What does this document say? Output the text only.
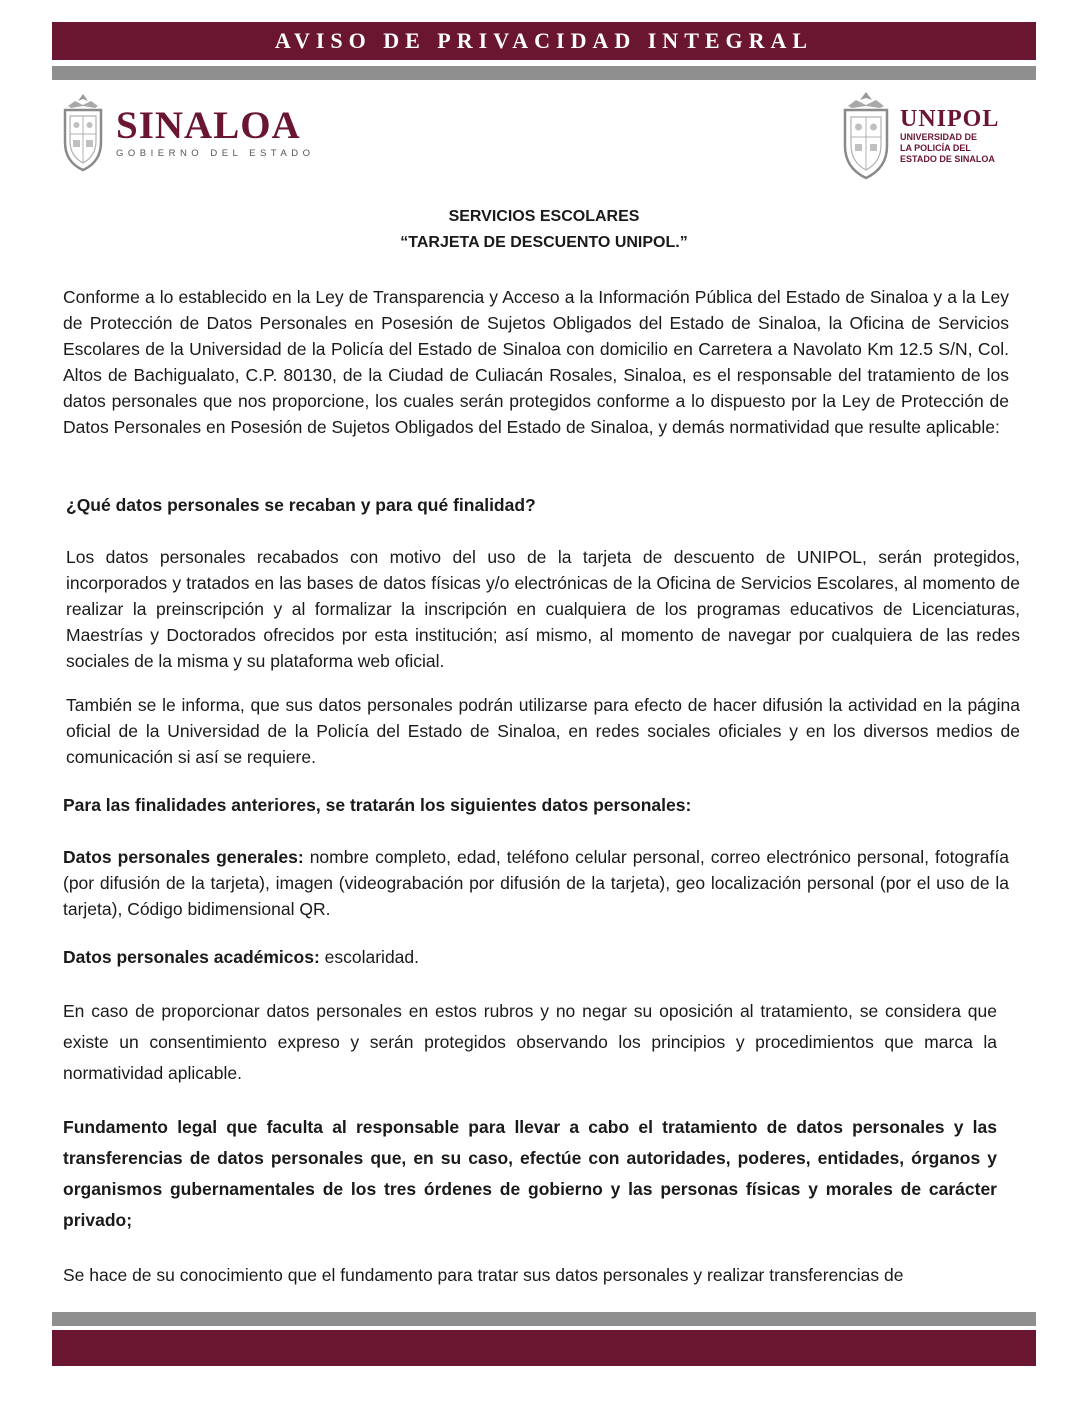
AVISO DE PRIVACIDAD INTEGRAL
SINALOA
GOBIERNO DEL ESTADO
UNIPOL
UNIVERSIDAD DE
LA POLICÍA DEL
ESTADO DE SINALOA
SERVICIOS ESCOLARES
“TARJETA DE DESCUENTO UNIPOL.”

Conforme a lo establecido en la Ley de Transparencia y Acceso a la Información Pública del Estado de Sinaloa y a la Ley de Protección de Datos Personales en Posesión de Sujetos Obligados del Estado de Sinaloa, la Oficina de Servicios Escolares de la Universidad de la Policía del Estado de Sinaloa con domicilio en Carretera a Navolato Km 12.5 S/N, Col. Altos de Bachigualato, C.P. 80130, de la Ciudad de Culiacán Rosales, Sinaloa, es el responsable del tratamiento de los datos personales que nos proporcione, los cuales serán protegidos conforme a lo dispuesto por la Ley de Protección de Datos Personales en Posesión de Sujetos Obligados del Estado de Sinaloa, y demás normatividad que resulte aplicable:

¿Qué datos personales se recaban y para qué finalidad?

Los datos personales recabados con motivo del uso de la tarjeta de descuento de UNIPOL, serán protegidos, incorporados y tratados en las bases de datos físicas y/o electrónicas de la Oficina de Servicios Escolares, al momento de realizar la preinscripción y al formalizar la inscripción en cualquiera de los programas educativos de Licenciaturas, Maestrías y Doctorados ofrecidos por esta institución; así mismo, al momento de navegar por cualquiera de las redes sociales de la misma y su plataforma web oficial.

También se le informa, que sus datos personales podrán utilizarse para efecto de hacer difusión la actividad en la página oficial de la Universidad de la Policía del Estado de Sinaloa, en redes sociales oficiales y en los diversos medios de comunicación si así se requiere.

Para las finalidades anteriores, se tratarán los siguientes datos personales:

Datos personales generales: nombre completo, edad, teléfono celular personal, correo electrónico personal, fotografía (por difusión de la tarjeta), imagen (videograbación por difusión de la tarjeta), geo localización personal (por el uso de la tarjeta), Código bidimensional QR.

Datos personales académicos: escolaridad.

En caso de proporcionar datos personales en estos rubros y no negar su oposición al tratamiento, se considera que existe un consentimiento expreso y serán protegidos observando los principios y procedimientos que marca la normatividad aplicable.

Fundamento legal que faculta al responsable para llevar a cabo el tratamiento de datos personales y las transferencias de datos personales que, en su caso, efectúe con autoridades, poderes, entidades, órganos y organismos gubernamentales de los tres órdenes de gobierno y las personas físicas y morales de carácter privado;

Se hace de su conocimiento que el fundamento para tratar sus datos personales y realizar transferencias de
